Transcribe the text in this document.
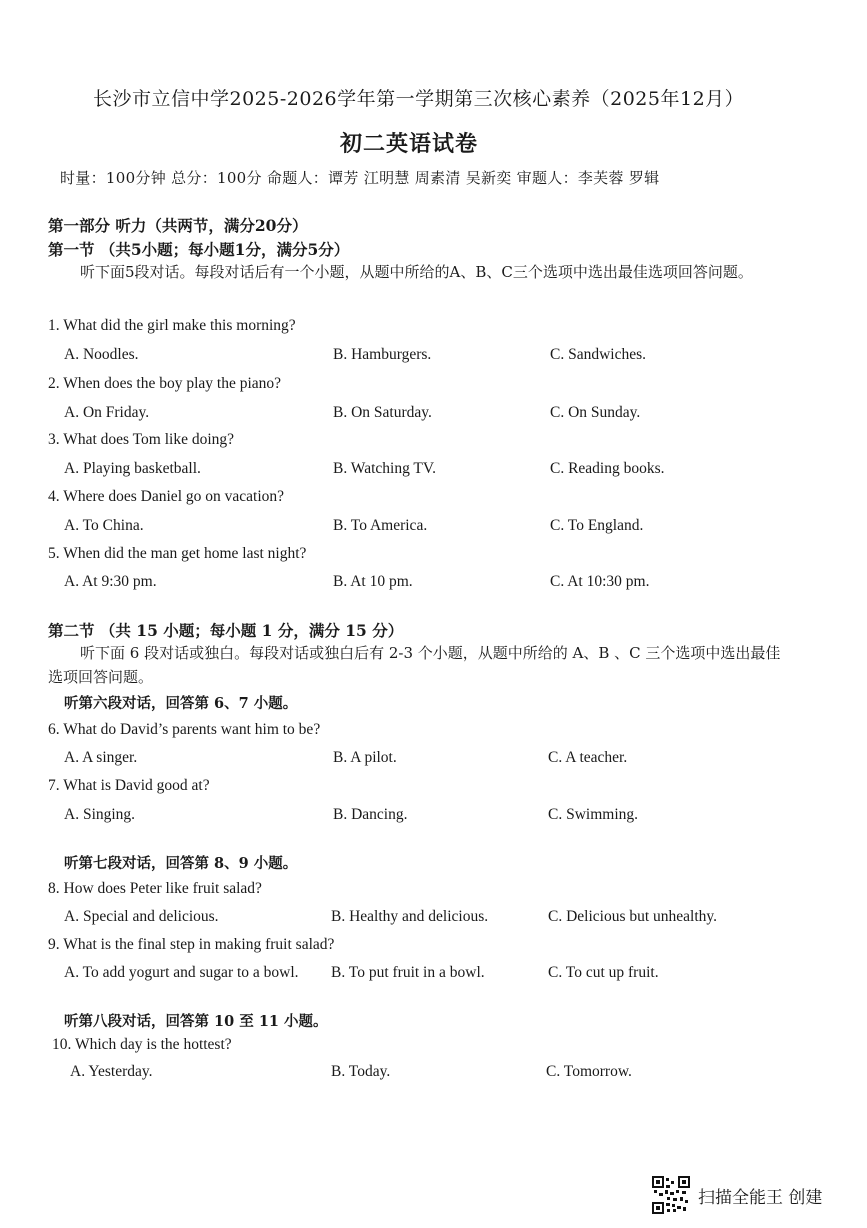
长沙市立信中学2025-2026学年第一学期第三次核心素养（2025年12月）
初二英语试卷
时量：100分钟 总分：100分 命题人：谭芳 江明慧 周素清 吴新奕 审题人：李芙蓉 罗辑
第一部分 听力（共两节，满分20分）
第一节 （共5小题；每小题1分，满分5分）
听下面5段对话。每段对话后有一个小题，从题中所给的A、B、C三个选项中选出最佳选项回答问题。
1. What did the girl make this morning?
A. Noodles.	B. Hamburgers.	C. Sandwiches.
2. When does the boy play the piano?
A. On Friday.	B. On Saturday.	C. On Sunday.
3. What does Tom like doing?
A. Playing basketball.	B. Watching TV.	C. Reading books.
4. Where does Daniel go on vacation?
A. To China.	B. To America.	C. To England.
5. When did the man get home last night?
A. At 9:30 pm.	B. At 10 pm.	C. At 10:30 pm.
第二节 （共 15 小题；每小题 1 分，满分 15 分）
听下面 6 段对话或独白。每段对话或独白后有 2-3 个小题，从题中所给的 A、B 、C 三个选项中选出最佳选项回答问题。
听第六段对话，回答第 6、7 小题。
6. What do David’s parents want him to be?
A. A singer.	B. A pilot.	C. A teacher.
7. What is David good at?
A. Singing.	B. Dancing.	C. Swimming.
听第七段对话，回答第 8、9 小题。
8. How does Peter like fruit salad?
A. Special and delicious.	B. Healthy and delicious.	C. Delicious but unhealthy.
9. What is the final step in making fruit salad?
A. To add yogurt and sugar to a bowl. B. To put fruit in a bowl.	C. To cut up fruit.
听第八段对话，回答第 10 至 11 小题。
10. Which day is the hottest?
A. Yesterday.	B. Today.	C. Tomorrow.
扫描全能王 创建
